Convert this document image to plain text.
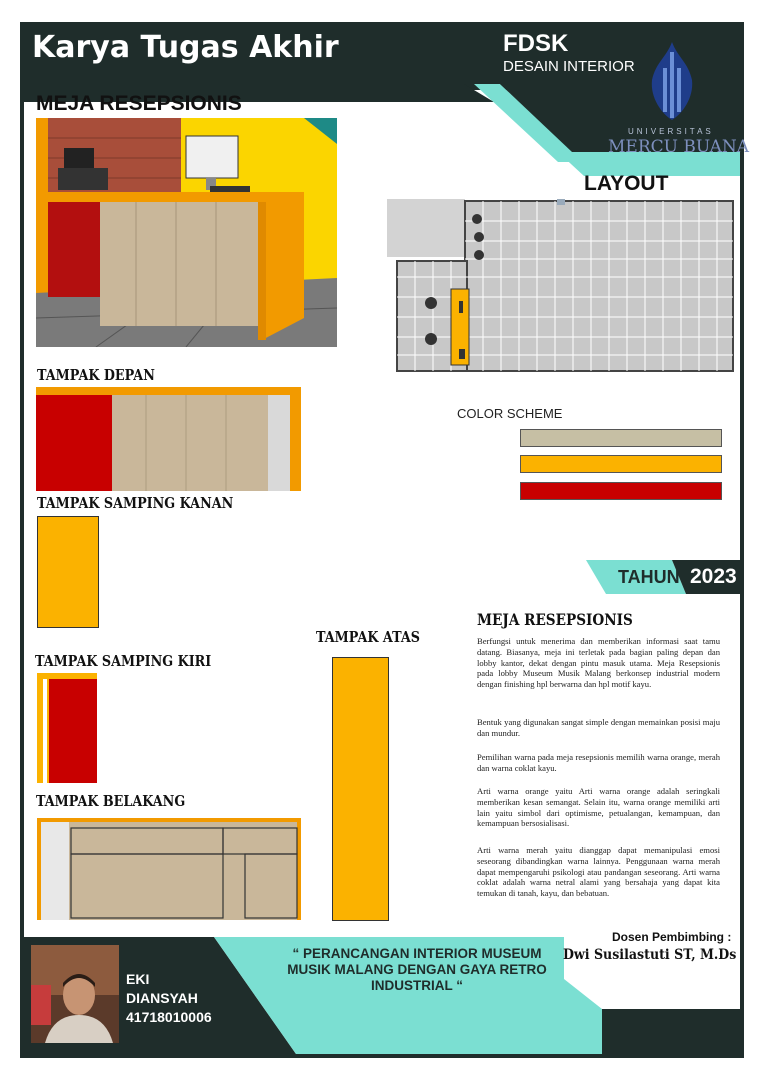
Karya Tugas Akhir	FDSK
DESAIN INTERIOR
UNIVERSITAS
MERCU BUANA
MEJA RESEPSIONIS
LAYOUT
TAMPAK DEPAN
TAMPAK SAMPING KANAN
TAMPAK SAMPING KIRI
TAMPAK ATAS
TAMPAK BELAKANG
COLOR SCHEME
TAHUN 2023
MEJA RESEPSIONIS

Berfungsi untuk menerima dan memberikan informasi saat tamu datang. Biasanya, meja ini terletak pada bagian paling depan dan lobby kantor, dekat dengan pintu masuk utama. Meja Resepsionis pada lobby Museum Musik Malang berkonsep industrial modern dengan finishing hpl berwarna dan hpl motif kayu.

Bentuk yang digunakan sangat simple dengan memainkan posisi maju dan mundur.

Pemilihan warna pada meja resepsionis memilih warna orange, merah dan warna coklat kayu.

Arti warna orange yaitu Arti warna orange adalah seringkali memberikan kesan semangat. Selain itu, warna orange memiliki arti lain yaitu simbol dari optimisme, petualangan, kemampuan, dan kemampuan bersosialisasi.

Arti warna merah yaitu dianggap dapat memanipulasi emosi seseorang dibandingkan warna lainnya. Penggunaan warna merah dapat mempengaruhi psikologi atau pandangan seseorang. Arti warna coklat adalah warna netral alami yang bersahaja yang dapat kita temukan di tanah, kayu, dan bebatuan.

EKI
DIANSYAH
41718010006
“ PERANCANGAN INTERIOR MUSEUM MUSIK MALANG DENGAN GAYA RETRO INDUSTRIAL “
Dosen Pembimbing :
Dwi Susilastuti ST, M.Ds
